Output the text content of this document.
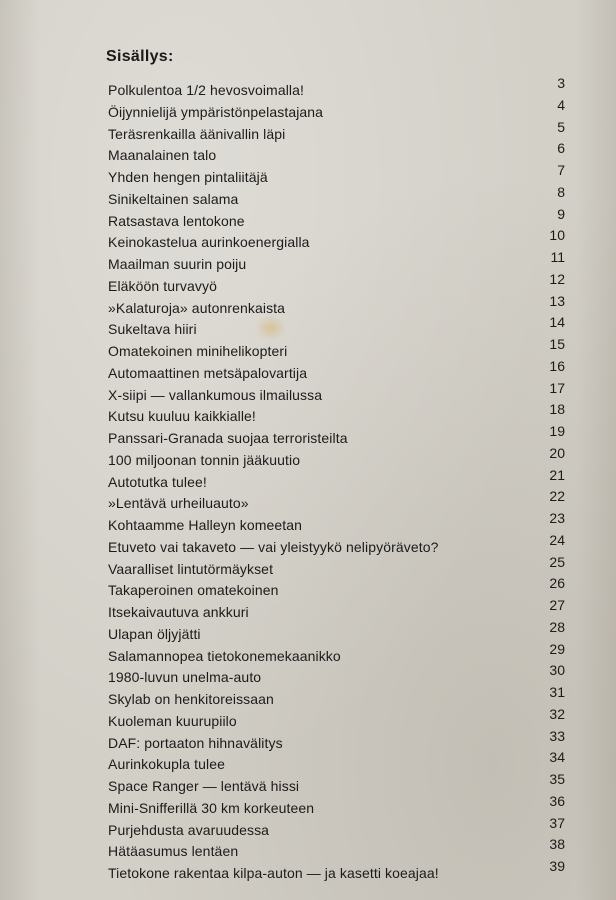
Sisällys:
Polkulentoa 1/2 hevosvoimalla!	3
Öijynnielijä ympäristönpelastajana	4
Teräsrenkailla äänivallin läpi	5
Maanalainen talo	6
Yhden hengen pintaliitäjä	7
Sinikeltainen salama	8
Ratsastava lentokone	9
Keinokastelua aurinkoenergialla	10
Maailman suurin poiju	11
Eläköön turvavyö	12
»Kalaturoja» autonrenkaista	13
Sukeltava hiiri	14
Omatekoinen minihelikopteri	15
Automaattinen metsäpalovartija	16
X-siipi — vallankumous ilmailussa	17
Kutsu kuuluu kaikkialle!	18
Panssari-Granada suojaa terroristeilta	19
100 miljoonan tonnin jääkuutio	20
Autotutka tulee!	21
»Lentävä urheiluauto»	22
Kohtaamme Halleyn komeetan	23
Etuveto vai takaveto — vai yleistyykö nelipyöräveto?	24
Vaaralliset lintutörmäykset	25
Takaperoinen omatekoinen	26
Itsekaivautuva ankkuri	27
Ulapan öljyjätti	28
Salamannopea tietokonemekaanikko	29
1980-luvun unelma-auto	30
Skylab on henkitoreissaan	31
Kuoleman kuurupiilo	32
DAF: portaaton hihnavälitys	33
Aurinkokupla tulee	34
Space Ranger — lentävä hissi	35
Mini-Snifferillä 30 km korkeuteen	36
Purjehdusta avaruudessa	37
Hätäasumus lentäen	38
Tietokone rakentaa kilpa-auton — ja kasetti koeajaa!	39
